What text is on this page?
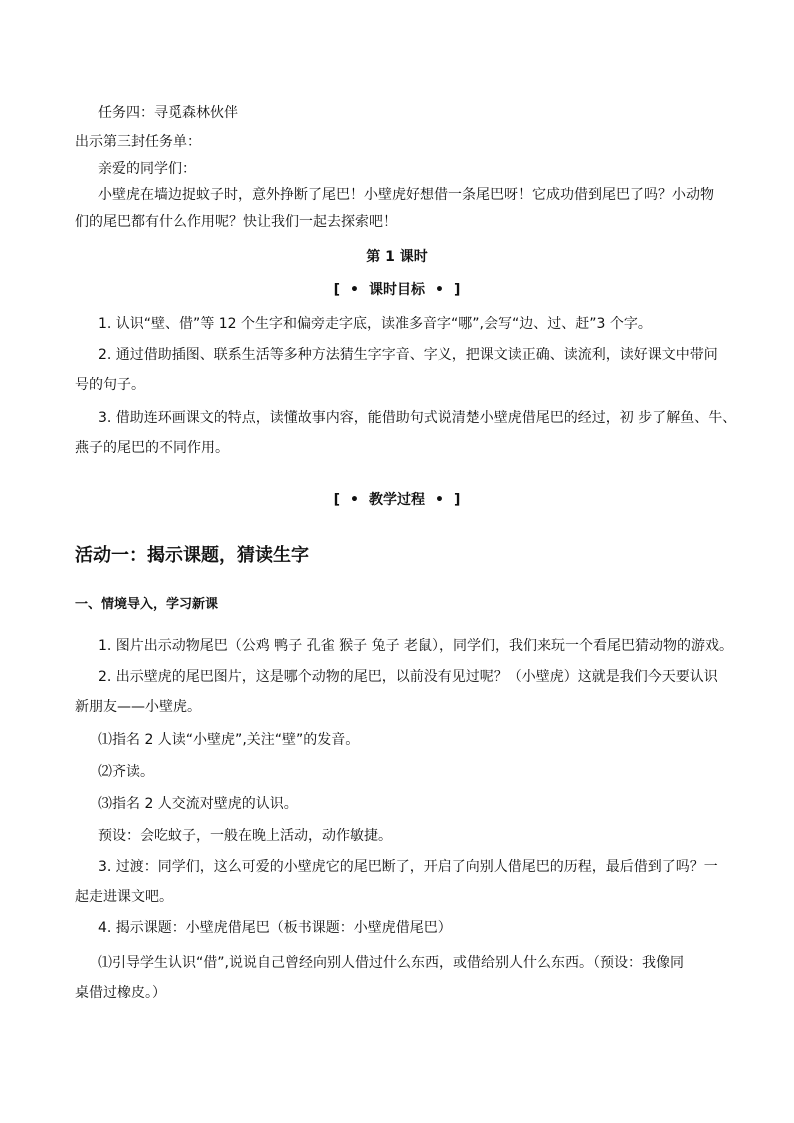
任务四：寻觅森林伙伴
出示第三封任务单：
亲爱的同学们：
小壁虎在墙边捉蚊子时，意外挣断了尾巴！小壁虎好想借一条尾巴呀！它成功借到尾巴了吗？小动物
们的尾巴都有什么作用呢？快让我们一起去探索吧！
第 1 课时
[ • 课时目标 • ]
1. 认识“壁、借”等 12 个生字和偏旁走字底，读准多音字“哪”,会写“边、过、赶”3 个字。
2. 通过借助插图、联系生活等多种方法猜生字字音、字义，把课文读正确、读流利，读好课文中带问
号的句子。
3. 借助连环画课文的特点，读懂故事内容，能借助句式说清楚小壁虎借尾巴的经过，初 步了解鱼、牛、
燕子的尾巴的不同作用。
[ • 教学过程 • ]
活动一：揭示课题，猜读生字
一、情境导入，学习新课
1. 图片出示动物尾巴（公鸡 鸭子 孔雀 猴子 兔子 老鼠），同学们，我们来玩一个看尾巴猜动物的游戏。
2. 出示壁虎的尾巴图片，这是哪个动物的尾巴，以前没有见过呢？（小壁虎）这就是我们今天要认识
新朋友——小壁虎。
⑴指名 2 人读“小壁虎”,关注“壁”的发音。
⑵齐读。
⑶指名 2 人交流对壁虎的认识。
预设：会吃蚊子，一般在晚上活动，动作敏捷。
3. 过渡：同学们，这么可爱的小壁虎它的尾巴断了，开启了向别人借尾巴的历程，最后借到了吗？一
起走进课文吧。
4. 揭示课题：小壁虎借尾巴（板书课题：小壁虎借尾巴）
⑴引导学生认识“借”,说说自己曾经向别人借过什么东西，或借给别人什么东西。（预设：我像同
桌借过橡皮。）
